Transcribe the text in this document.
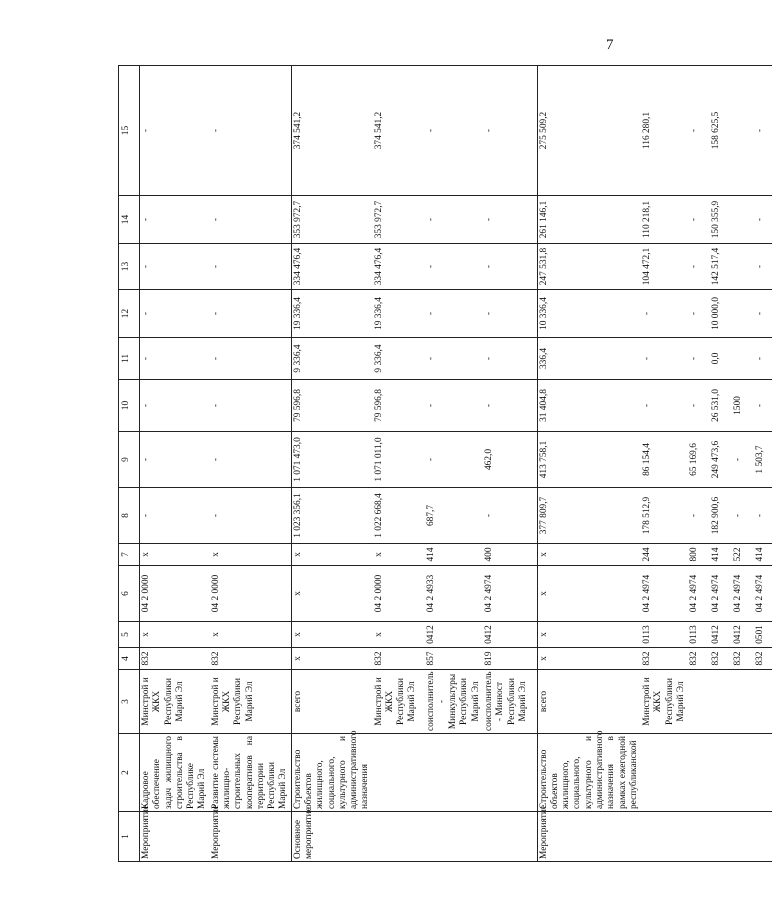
7
1	2	3	4	5	6	7	8	9	10	11	12	13	14	15
Мероприятие	Кадровое обеспечение задач жилищного строительства в Республике Марий Эл	Минстрой и ЖКХ Республики Марий Эл	832	х	04 2 0000	х	-	-	-	-	-	-	-	-
Мероприятие	Развитие системы жилищно-строительных кооперативов на территории Республики Марий Эл	Минстрой и ЖКХ Республики Марий Эл	832	х	04 2 0000	х	-	-	-	-	-	-	-	-
Основное мероприятие	Строительство объектов жилищного, социального, культурного и административного назначения	всего	х	х	х	х	1 023 356,1	1 071 473,0	79 596,8	9 336,4	19 336,4	334 476,4	353 972,7	374 541,2
		Минстрой и ЖКХ Республики Марий Эл	832	х	04 2 0000	х	1 022 668,4	1 071 011,0	79 596,8	9 336,4	19 336,4	334 476,4	353 972,7	374 541,2
		соисполнитель - Минкультуры Республики Марий Эл	857	0412	04 2 4933	414	687,7	-	-	-	-	-	-	-
		соисполнитель - Минюст Республики Марий Эл	819	0412	04 2 4974	400	-	462,0	-	-	-	-	-	-
Мероприятие	Строительство объектов жилищного, социального, культурного и административного назначения в рамках ежегодной республиканской	всего	х	х	х	х	377 809,7	413 758,1	31 404,8	336,4	10 336,4	247 531,8	261 146,1	275 509,2
		Минстрой и ЖКХ Республики Марий Эл	832	0113	04 2 4974	244	178 512,9	86 154,4	-	-	-	104 472,1	110 218,1	116 280,1
			832	0113	04 2 4974	800	-	65 169,6	-	-	-	-	-	-
			832	0412	04 2 4974	414	182 900,6	249 473,6	26 531,0	0,0	10 000,0	142 517,4	150 355,9	158 625,5
			832	0412	04 2 4974	522	-	-	1500					
			832	0501	04 2 4974	414	-	1 503,7	-	-	-	-	-	-
